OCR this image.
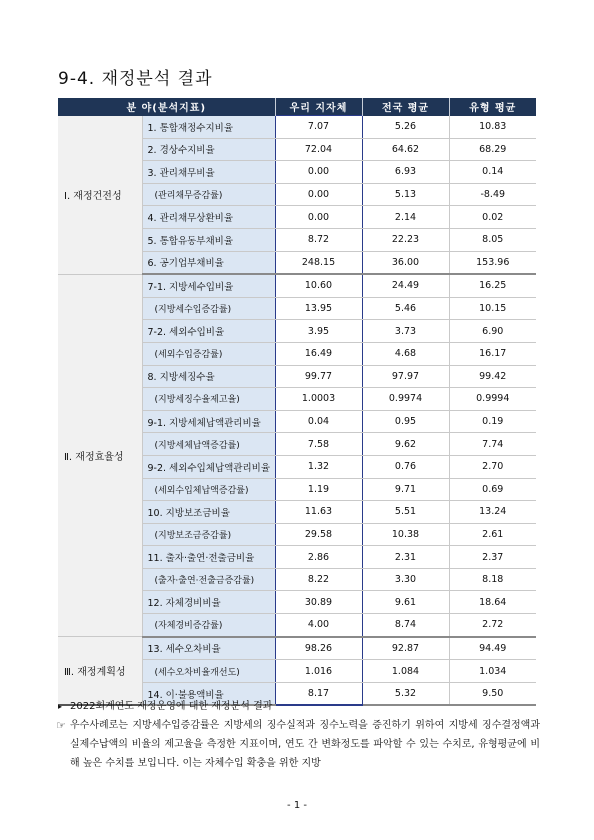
9-4. 재정분석 결과
분 야(분석지표)		우리 지자체	전국 평균	유형 평균
Ⅰ. 재정건전성	1. 통합재정수지비율	7.07	5.26	10.83
	2. 경상수지비율	72.04	64.62	68.29
	3. 관리채무비율	0.00	6.93	0.14
	(관리채무증감률)	0.00	5.13	-8.49
	4. 관리채무상환비율	0.00	2.14	0.02
	5. 통합유동부채비율	8.72	22.23	8.05
	6. 공기업부채비율	248.15	36.00	153.96
Ⅱ. 재정효율성	7-1. 지방세수입비율	10.60	24.49	16.25
	(지방세수입증감률)	13.95	5.46	10.15
	7-2. 세외수입비율	3.95	3.73	6.90
	(세외수입증감률)	16.49	4.68	16.17
	8. 지방세징수율	99.77	97.97	99.42
	(지방세징수율제고율)	1.0003	0.9974	0.9994
	9-1. 지방세체납액관리비율	0.04	0.95	0.19
	(지방세체납액증감률)	7.58	9.62	7.74
	9-2. 세외수입체납액관리비율	1.32	0.76	2.70
	(세외수입체납액증감률)	1.19	9.71	0.69
	10. 지방보조금비율	11.63	5.51	13.24
	(지방보조금증감률)	29.58	10.38	2.61
	11. 출자·출연·전출금비율	2.86	2.31	2.37
	(출자·출연·전출금증감률)	8.22	3.30	8.18
	12. 자체경비비율	30.89	9.61	18.64
	(자체경비증감률)	4.00	8.74	2.72
Ⅲ. 재정계획성	13. 세수오차비율	98.26	92.87	94.49
	(세수오차비율개선도)	1.016	1.084	1.034
	14. 이·불용액비율	8.17	5.32	9.50
▸ 2022회계연도 재정운영에 대한 재정분석 결과
☞ 우수사례로는 지방세수입증감률은 지방세의 징수실적과 징수노력을 증진하기 위하여 지방세 징수결정액과 실제수납액의 비율의 제고율을 측정한 지표이며, 연도 간 변화정도를 파악할 수 있는 수치로, 유형평균에 비해 높은 수치를 보입니다. 이는 자체수입 확충을 위한 지방
- 1 -
